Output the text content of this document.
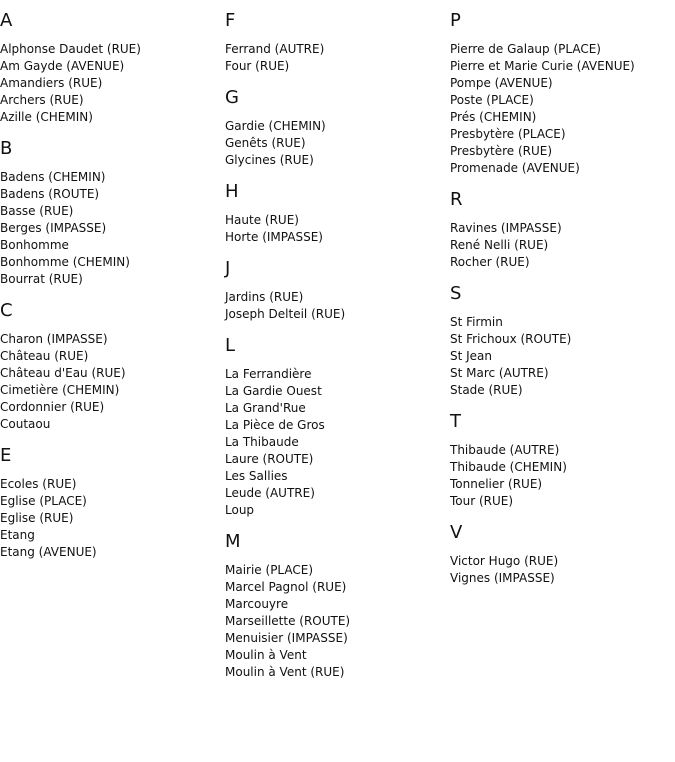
A
Alphonse Daudet (RUE)
Am Gayde (AVENUE)
Amandiers (RUE)
Archers (RUE)
Azille (CHEMIN)
B
Badens (CHEMIN)
Badens (ROUTE)
Basse (RUE)
Berges (IMPASSE)
Bonhomme
Bonhomme (CHEMIN)
Bourrat (RUE)
C
Charon (IMPASSE)
Château (RUE)
Château d'Eau (RUE)
Cimetière (CHEMIN)
Cordonnier (RUE)
Coutaou
E
Ecoles (RUE)
Eglise (PLACE)
Eglise (RUE)
Etang
Etang (AVENUE)
F
Ferrand (AUTRE)
Four (RUE)
G
Gardie (CHEMIN)
Genêts (RUE)
Glycines (RUE)
H
Haute (RUE)
Horte (IMPASSE)
J
Jardins (RUE)
Joseph Delteil (RUE)
L
La Ferrandière
La Gardie Ouest
La Grand'Rue
La Pièce de Gros
La Thibaude
Laure (ROUTE)
Les Sallies
Leude (AUTRE)
Loup
M
Mairie (PLACE)
Marcel Pagnol (RUE)
Marcouyre
Marseillette (ROUTE)
Menuisier (IMPASSE)
Moulin à Vent
Moulin à Vent (RUE)
P
Pierre de Galaup (PLACE)
Pierre et Marie Curie (AVENUE)
Pompe (AVENUE)
Poste (PLACE)
Prés (CHEMIN)
Presbytère (PLACE)
Presbytère (RUE)
Promenade (AVENUE)
R
Ravines (IMPASSE)
René Nelli (RUE)
Rocher (RUE)
S
St Firmin
St Frichoux (ROUTE)
St Jean
St Marc (AUTRE)
Stade (RUE)
T
Thibaude (AUTRE)
Thibaude (CHEMIN)
Tonnelier (RUE)
Tour (RUE)
V
Victor Hugo (RUE)
Vignes (IMPASSE)
